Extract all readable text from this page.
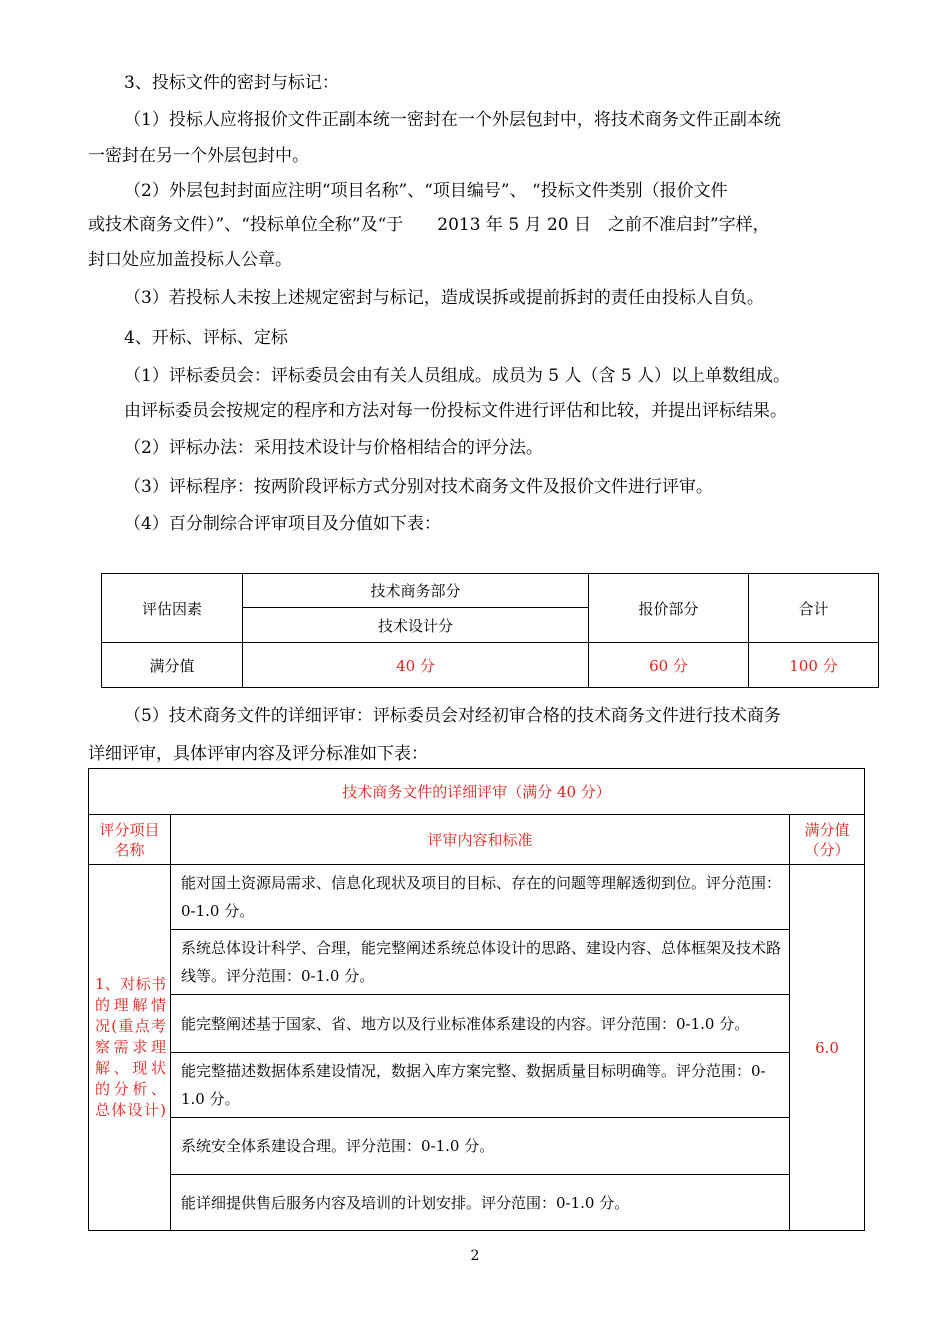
3、投标文件的密封与标记：
（1）投标人应将报价文件正副本统一密封在一个外层包封中，将技术商务文件正副本统
一密封在另一个外层包封中。
（2）外层包封封面应注明“项目名称”、“项目编号”、 “投标文件类别（报价文件
或技术商务文件）”、“投标单位全称”及“于　　2013 年 5 月 20 日　之前不准启封”字样，
封口处应加盖投标人公章。
（3）若投标人未按上述规定密封与标记，造成误拆或提前拆封的责任由投标人自负。
4、开标、评标、定标
（1）评标委员会：评标委员会由有关人员组成。成员为 5 人（含 5 人）以上单数组成。
由评标委员会按规定的程序和方法对每一份投标文件进行评估和比较，并提出评标结果。
（2）评标办法：采用技术设计与价格相结合的评分法。
（3）评标程序：按两阶段评标方式分别对技术商务文件及报价文件进行评审。
（4）百分制综合评审项目及分值如下表：
评估因素	技术商务部分	报价部分	合计
	技术设计分		
满分值	40 分	60 分	100 分
（5）技术商务文件的详细评审：评标委员会对经初审合格的技术商务文件进行技术商务
详细评审，具体评审内容及评分标准如下表：
技术商务文件的详细评审（满分 40 分）		
评分项目名称	评审内容和标准	满分值（分）

1、对标书的理解情况(重点考察需求理解、现状的分析、总体设计)	能对国土资源局需求、信息化现状及项目的目标、存在的问题等理解透彻到位。评分范围：0-1.0 分。	6.0
	系统总体设计科学、合理，能完整阐述系统总体设计的思路、建设内容、总体框架及技术路线等。评分范围：0-1.0 分。	
	能完整阐述基于国家、省、地方以及行业标准体系建设的内容。评分范围：0-1.0 分。	
	能完整描述数据体系建设情况，数据入库方案完整、数据质量目标明确等。评分范围：0-1.0 分。	
	系统安全体系建设合理。评分范围：0-1.0 分。	
	能详细提供售后服务内容及培训的计划安排。评分范围：0-1.0 分。	
2
